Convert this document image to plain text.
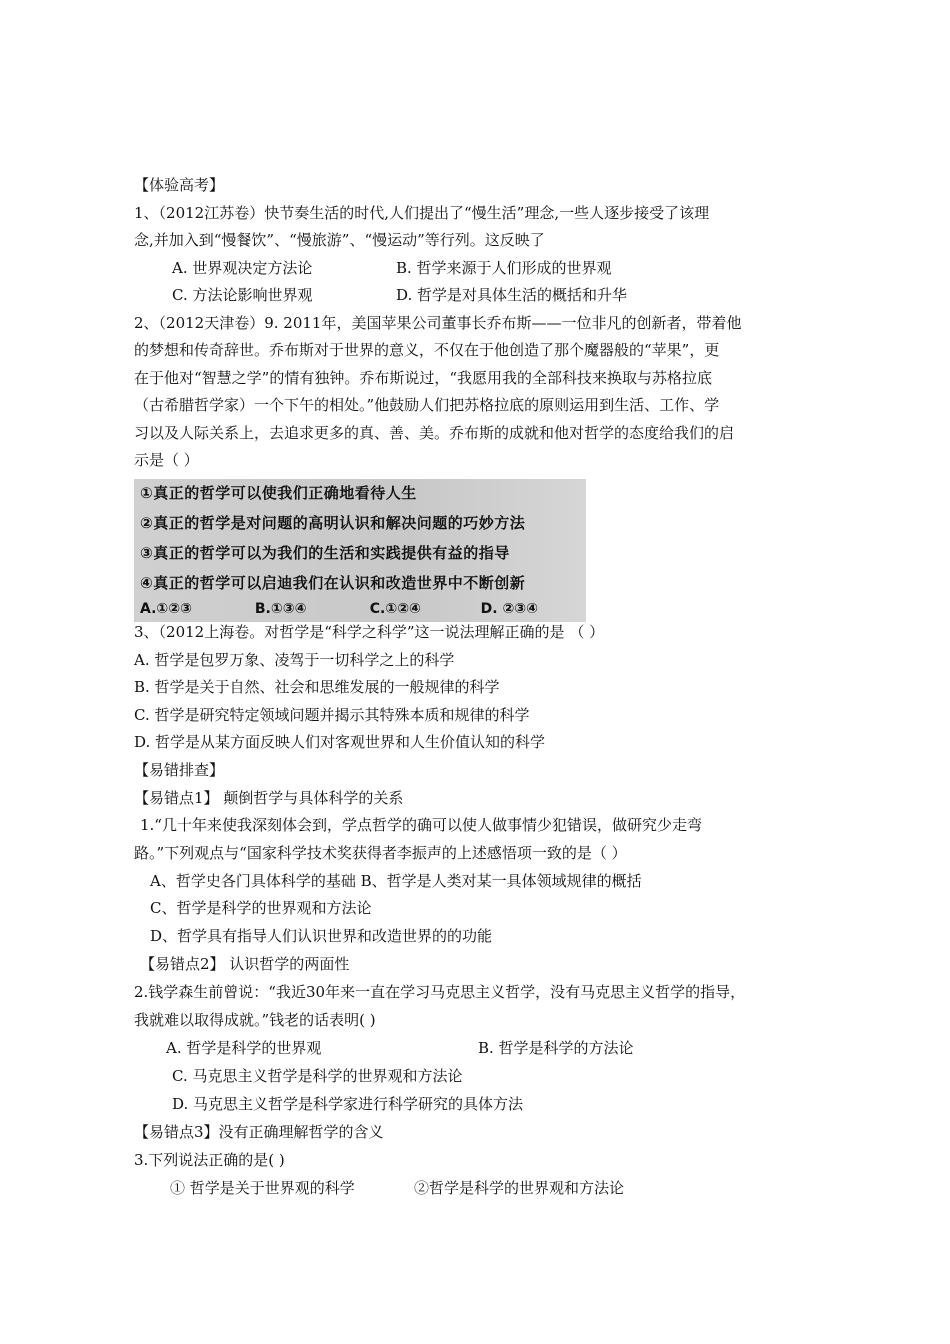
【体验高考】
1、（2012江苏卷）快节奏生活的时代,人们提出了“慢生活”理念,一些人逐步接受了该理
念,并加入到“慢餐饮”、“慢旅游”、“慢运动”等行列。这反映了
A. 世界观决定方法论	B. 哲学来源于人们形成的世界观
C. 方法论影响世界观	D. 哲学是对具体生活的概括和升华
2、（2012天津卷）9. 2011年，美国苹果公司董事长乔布斯——一位非凡的创新者，带着他
的梦想和传奇辞世。乔布斯对于世界的意义，不仅在于他创造了那个魔器般的“苹果”，更
在于他对“智慧之学”的情有独钟。乔布斯说过，“我愿用我的全部科技来换取与苏格拉底
（古希腊哲学家）一个下午的相处。”他鼓励人们把苏格拉底的原则运用到生活、工作、学
习以及人际关系上，去追求更多的真、善、美。乔布斯的成就和他对哲学的态度给我们的启
示是（ ）
①真正的哲学可以使我们正确地看待人生
②真正的哲学是对问题的高明认识和解决问题的巧妙方法
③真正的哲学可以为我们的生活和实践提供有益的指导
④真正的哲学可以启迪我们在认识和改造世界中不断创新
A.①②③	B.①③④	C.①②④	D. ②③④
3、（2012上海卷。对哲学是“科学之科学”这一说法理解正确的是 （ ）
A. 哲学是包罗万象、凌驾于一切科学之上的科学
B. 哲学是关于自然、社会和思维发展的一般规律的科学
C. 哲学是研究特定领域问题并揭示其特殊本质和规律的科学
D. 哲学是从某方面反映人们对客观世界和人生价值认知的科学
【易错排查】
【易错点1】 颠倒哲学与具体科学的关系
1.“几十年来使我深刻体会到，学点哲学的确可以使人做事情少犯错误，做研究少走弯
路。”下列观点与“国家科学技术奖获得者李振声的上述感悟项一致的是（ ）
A、哲学史各门具体科学的基础 B、哲学是人类对某一具体领域规律的概括
C、哲学是科学的世界观和方法论
D、哲学具有指导人们认识世界和改造世界的的功能
【易错点2】 认识哲学的两面性
2.钱学森生前曾说：“我近30年来一直在学习马克思主义哲学，没有马克思主义哲学的指导，
我就难以取得成就。”钱老的话表明( )
A. 哲学是科学的世界观	B. 哲学是科学的方法论
C. 马克思主义哲学是科学的世界观和方法论
D. 马克思主义哲学是科学家进行科学研究的具体方法
【易错点3】没有正确理解哲学的含义
3.下列说法正确的是( )
① 哲学是关于世界观的科学	②哲学是科学的世界观和方法论
